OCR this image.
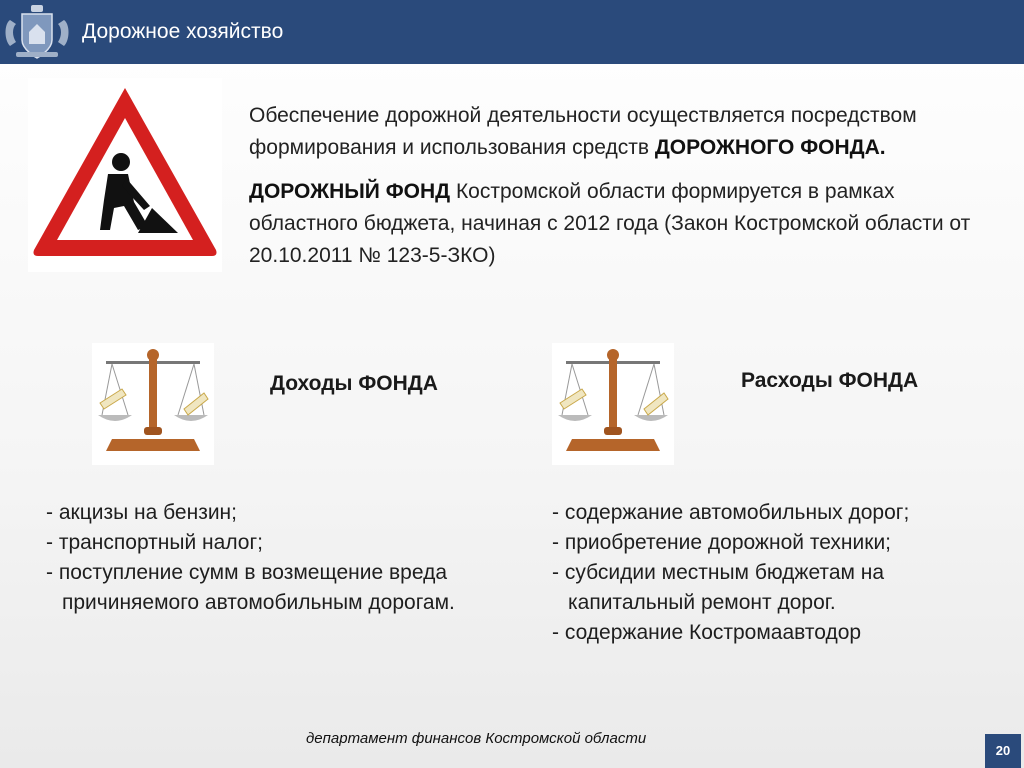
Дорожное хозяйство

Обеспечение дорожной деятельности осуществляется посредством формирования и использования средств ДОРОЖНОГО ФОНДА.

ДОРОЖНЫЙ ФОНД Костромской области формируется в рамках областного бюджета, начиная с 2012 года (Закон Костромской области от 20.10.2011 № 123-5-ЗКО)

Доходы ФОНДА	Расходы ФОНДА
- акцизы на бензин;
- транспортный налог;
- поступление сумм в возмещение вреда причиняемого автомобильным дорогам.
- содержание автомобильных дорог;
- приобретение дорожной техники;
- субсидии местным бюджетам на капитальный ремонт дорог.
- содержание Костромаавтодор
департамент финансов Костромской области
20
